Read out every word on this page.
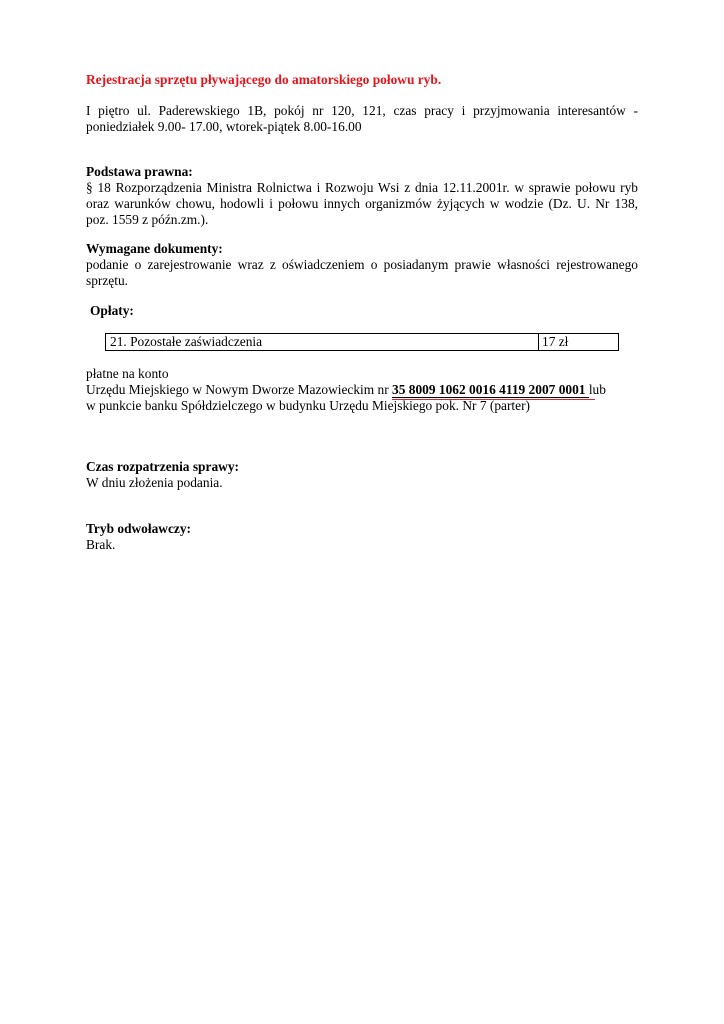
Rejestracja sprzętu pływającego do amatorskiego połowu ryb.
I piętro ul. Paderewskiego 1B, pokój nr 120, 121, czas pracy i przyjmowania interesantów - poniedziałek 9.00- 17.00, wtorek-piątek 8.00-16.00
Podstawa prawna:
§ 18 Rozporządzenia Ministra Rolnictwa i Rozwoju Wsi z dnia 12.11.2001r. w sprawie połowu ryb oraz warunków chowu, hodowli i połowu innych organizmów żyjących w wodzie (Dz. U. Nr 138, poz. 1559 z późn.zm.).
Wymagane dokumenty:
podanie o zarejestrowanie wraz z oświadczeniem o posiadanym prawie własności rejestrowanego sprzętu.
Opłaty:
21. Pozostałe zaświadczenia	17 zł
płatne na konto
Urzędu Miejskiego w Nowym Dworze Mazowieckim nr 35 8009 1062 0016 4119 2007 0001
lub
w punkcie banku Spółdzielczego w budynku Urzędu Miejskiego pok. Nr 7 (parter)
Czas rozpatrzenia sprawy:
W dniu złożenia podania.
Tryb odwoławczy:
Brak.
